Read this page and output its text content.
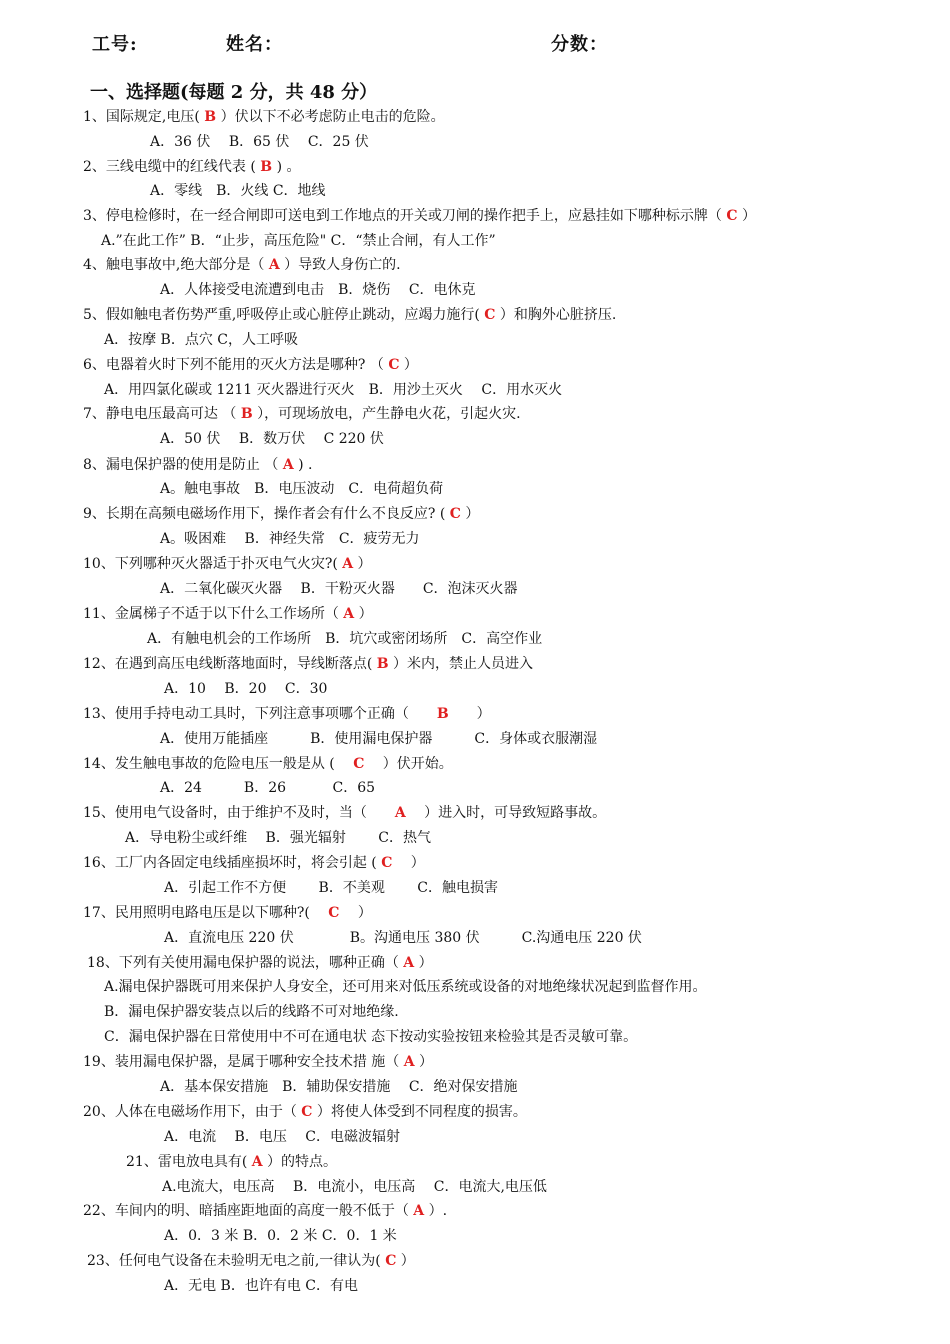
工号:	姓名：	分数：
一、选择题(每题 2 分，共 48 分）
1、国际规定,电压( B ）伏以下不必考虑防止电击的危险。
A．36 伏　 B．65 伏　 C．25 伏
2、三线电缆中的红线代表 ( B ) 。
A．零线　B．火线 C．地线
3、停电检修时，在一经合闸即可送电到工作地点的开关或刀闸的操作把手上，应悬挂如下哪种标示牌（ C ）
A.”在此工作” B．“止步，高压危险" C．“禁止合闸，有人工作”
4、触电事故中,绝大部分是（ A ）导致人身伤亡的.
A．人体接受电流遭到电击　B．烧伤　 C．电休克
5、假如触电者伤势严重,呼吸停止或心脏停止跳动，应竭力施行( C ）和胸外心脏挤压.
A．按摩 B．点穴 C，人工呼吸
6、电器着火时下列不能用的灭火方法是哪种? （ C ）
A．用四氯化碳或 1211 灭火器进行灭火　B．用沙土灭火　 C．用水灭火
7、静电电压最高可达 （ B ），可现场放电，产生静电火花，引起火灾.
A．50 伏　 B．数万伏　 C 220 伏
8、漏电保护器的使用是防止 （ A ) .
A。触电事故　B．电压波动　C．电荷超负荷
9、长期在高频电磁场作用下，操作者会有什么不良反应? ( C ）
A。吸困难　 B．神经失常　C．疲劳无力
10、下列哪种灭火器适于扑灭电气火灾?( A ）
A．二氧化碳灭火器　 B．干粉灭火器　　C．泡沫灭火器
11、金属梯子不适于以下什么工作场所（ A ）
A．有触电机会的工作场所　B．坑穴或密闭场所　C．高空作业
12、在遇到高压电线断落地面时，导线断落点( B ）米内，禁止人员进入
A．10　 B．20　 C．30
13、使用手持电动工具时，下列注意事项哪个正确（　　B　　）
A．使用万能插座　　　B．使用漏电保护器　　　C．身体或衣服潮湿
14、发生触电事故的危险电压一般是从 (　 C　 ）伏开始。
A．24　　　B．26　　　 C．65
15、使用电气设备时，由于维护不及时，当（　　A　 ）进入时，可导致短路事故。
A．导电粉尘或纤维　 B．强光辐射　　 C．热气
16、工厂内各固定电线插座损坏时，将会引起 ( C　 ）
A．引起工作不方便　　 B．不美观　　 C．触电损害
17、民用照明电路电压是以下哪种?(　 C　 ）
A．直流电压 220 伏　　　　B。沟通电压 380 伏　　　C.沟通电压 220 伏
18、下列有关使用漏电保护器的说法，哪种正确（ A ）
A.漏电保护器既可用来保护人身安全，还可用来对低压系统或设备的对地绝缘状况起到监督作用。
B．漏电保护器安装点以后的线路不可对地绝缘.
C．漏电保护器在日常使用中不可在通电状 态下按动实验按钮来检验其是否灵敏可靠。
19、装用漏电保护器，是属于哪种安全技术措 施（ A ）
A．基本保安措施　B．辅助保安措施　 C．绝对保安措施
20、人体在电磁场作用下，由于（ C ）将使人体受到不同程度的损害。
A．电流　 B．电压　 C．电磁波辐射
21、雷电放电具有( A ）的特点。
A.电流大，电压高　 B．电流小，电压高　 C．电流大,电压低
22、车间内的明、暗插座距地面的高度一般不低于（ A ）.
A．0．3 米 B．0．2 米 C．0．1 米
23、任何电气设备在未验明无电之前,一律认为( C ）
A．无电 B．也许有电 C．有电
